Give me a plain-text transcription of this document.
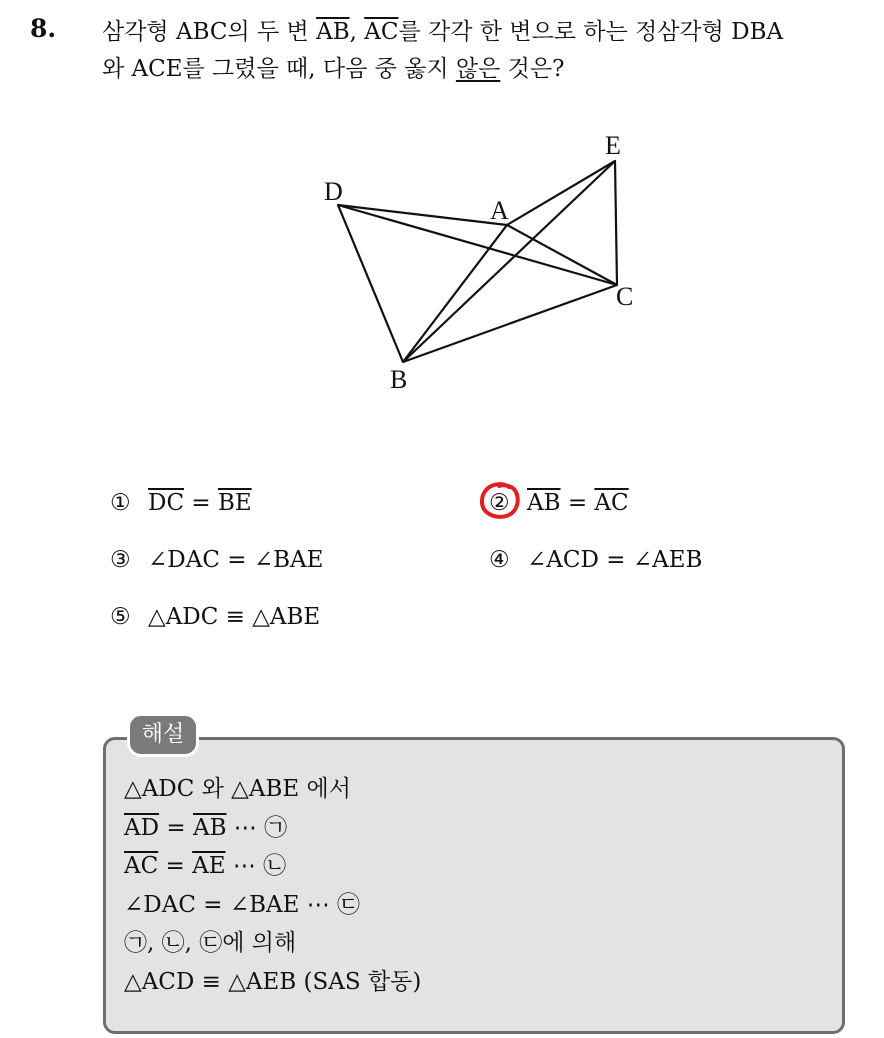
8. 삼각형 ABC의 두 변 $\overline{AB}$, $\overline{AC}$를 각각 한 변으로 하는 정삼각형 DBA
와 ACE를 그렸을 때, 다음 중 옳지 않은 것은?
D
A
E
C
B
① $\overline{DC} = \overline{BE}$	② $\overline{AB} = \overline{AC}$
③ ∠DAC = ∠BAE	④ ∠ACD = ∠AEB
⑤ △ADC ≡ △ABE
해설
△ADC 와 △ABE 에서
$\overline{AD} = \overline{AB}$ ⋯ ㉠
$\overline{AC} = \overline{AE}$ ⋯ ㉡
∠DAC = ∠BAE ⋯ ㉢
㉠, ㉡, ㉢에 의해
△ACD ≡ △AEB (SAS 합동)
